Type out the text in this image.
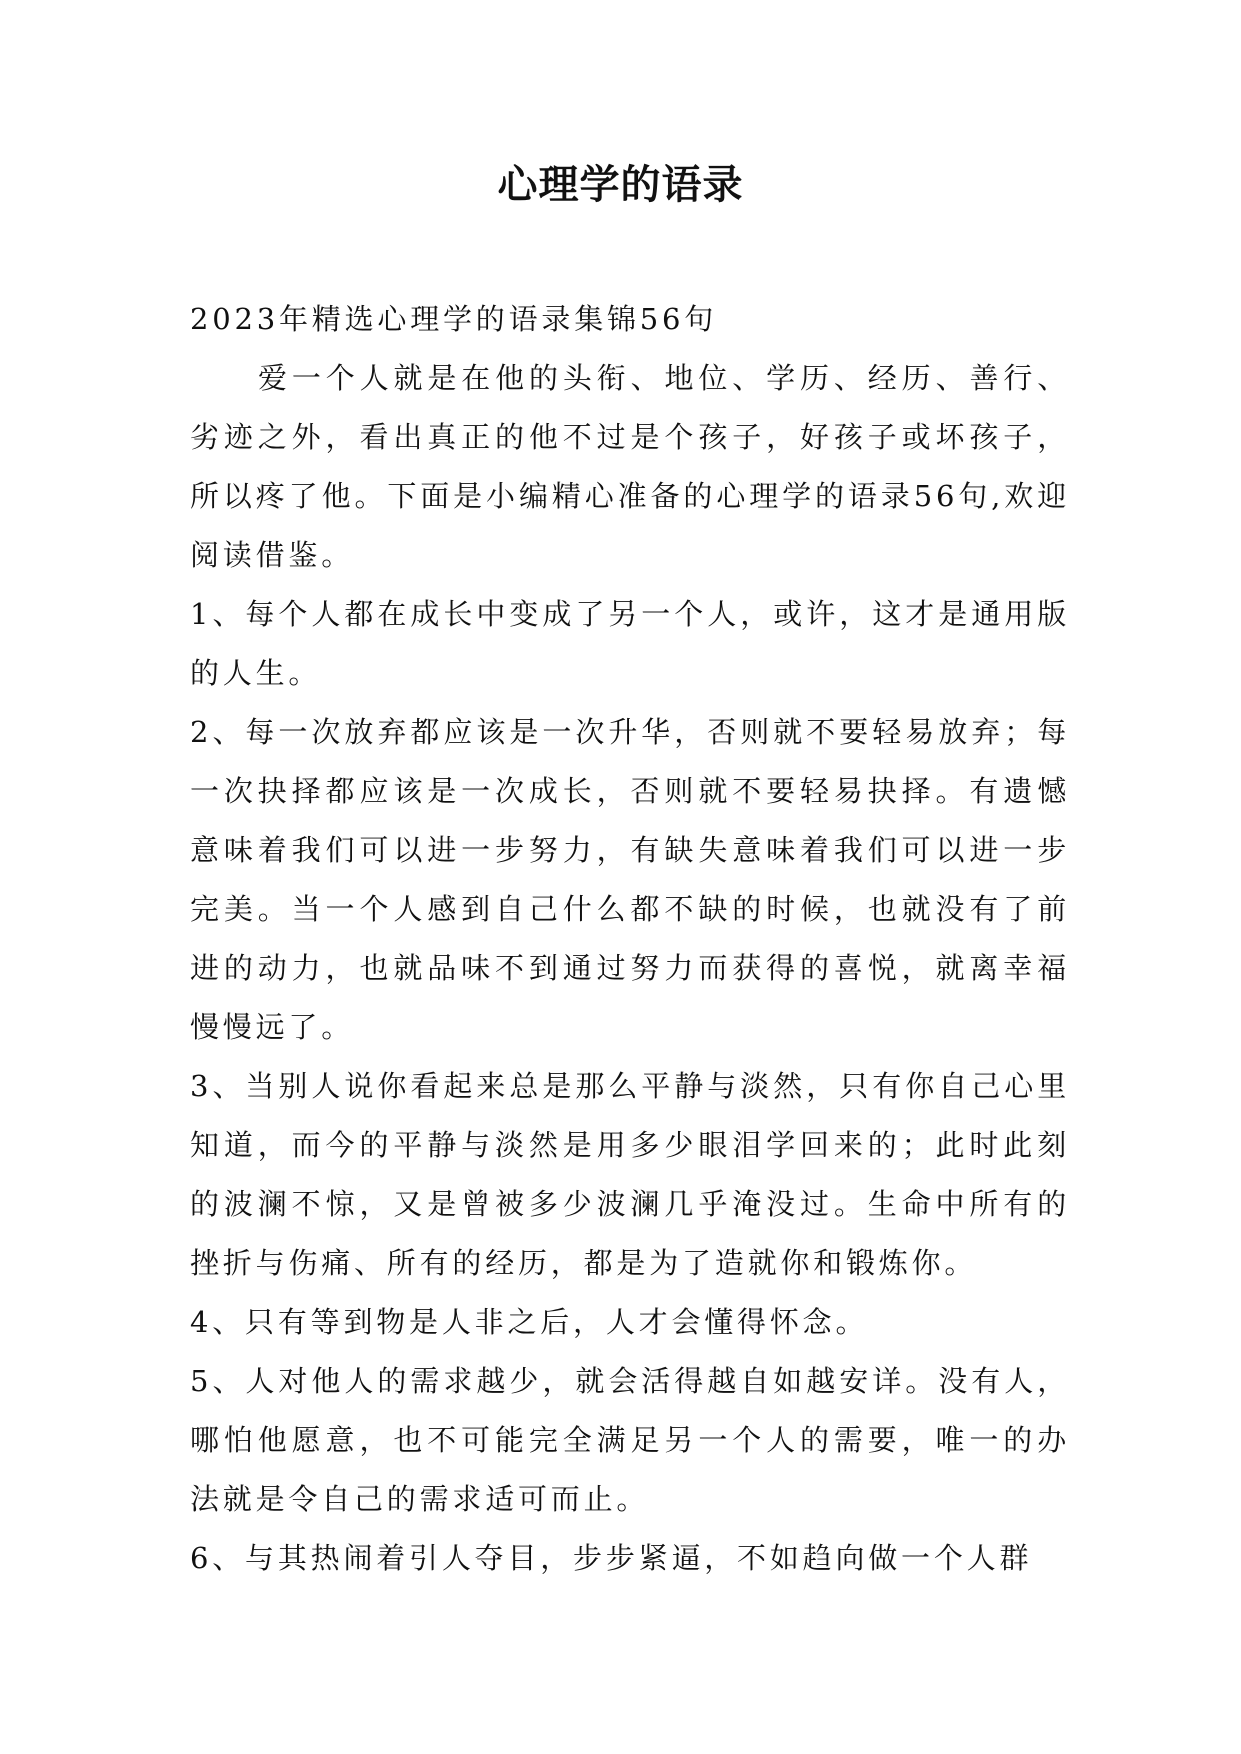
心理学的语录

2023年精选心理学的语录集锦56句

爱一个人就是在他的头衔、地位、学历、经历、善行、劣迹之外，看出真正的他不过是个孩子，好孩子或坏孩子，所以疼了他。下面是小编精心准备的心理学的语录56句,欢迎阅读借鉴。

1、每个人都在成长中变成了另一个人，或许，这才是通用版的人生。

2、每一次放弃都应该是一次升华，否则就不要轻易放弃；每一次抉择都应该是一次成长，否则就不要轻易抉择。有遗憾意味着我们可以进一步努力，有缺失意味着我们可以进一步完美。当一个人感到自己什么都不缺的时候，也就没有了前进的动力，也就品味不到通过努力而获得的喜悦，就离幸福慢慢远了。

3、当别人说你看起来总是那么平静与淡然，只有你自己心里知道，而今的平静与淡然是用多少眼泪学回来的；此时此刻的波澜不惊，又是曾被多少波澜几乎淹没过。生命中所有的挫折与伤痛、所有的经历，都是为了造就你和锻炼你。

4、只有等到物是人非之后，人才会懂得怀念。

5、人对他人的需求越少，就会活得越自如越安详。没有人，哪怕他愿意，也不可能完全满足另一个人的需要，唯一的办法就是令自己的需求适可而止。

6、与其热闹着引人夺目，步步紧逼，不如趋向做一个人群
